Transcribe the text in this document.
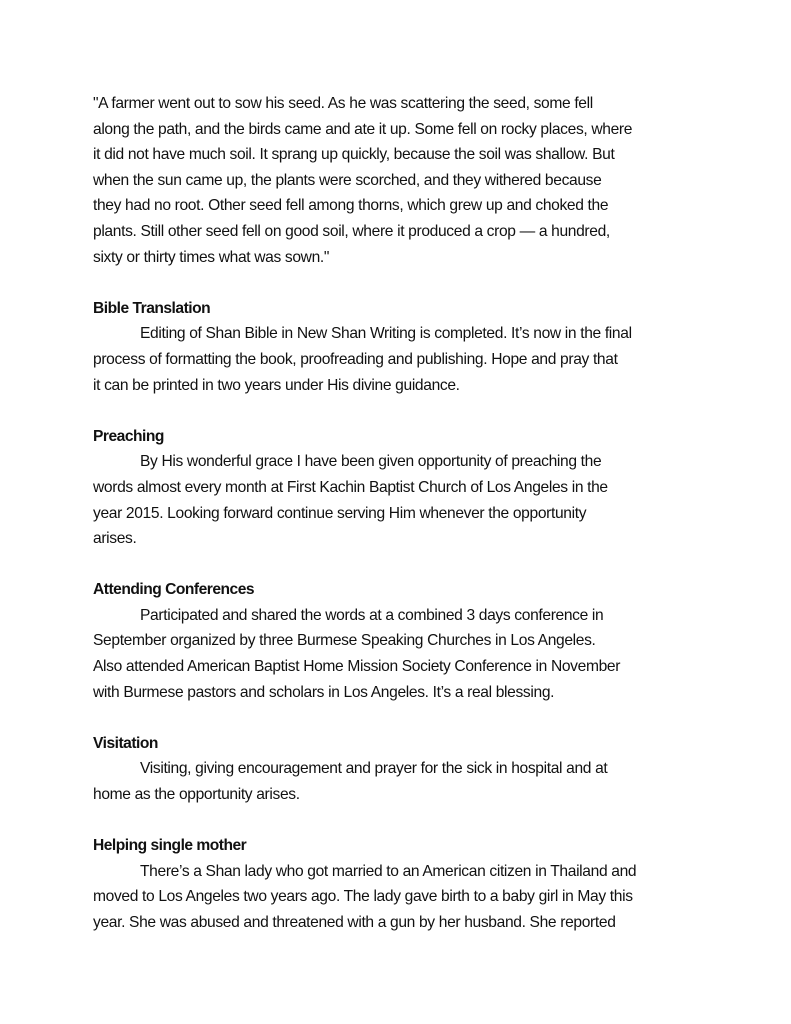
"A farmer went out to sow his seed. As he was scattering the seed, some fell
along the path, and the birds came and ate it up. Some fell on rocky places, where
it did not have much soil. It sprang up quickly, because the soil was shallow. But
when the sun came up, the plants were scorched, and they withered because
they had no root. Other seed fell among thorns, which grew up and choked the
plants. Still other seed fell on good soil, where it produced a crop — a hundred,
sixty or thirty times what was sown."
Bible Translation
Editing of Shan Bible in New Shan Writing is completed. It’s now in the final
process of formatting the book, proofreading and publishing. Hope and pray that
it can be printed in two years under His divine guidance.
Preaching
By His wonderful grace I have been given opportunity of preaching the
words almost every month at First Kachin Baptist Church of Los Angeles in the
year 2015. Looking forward continue serving Him whenever the opportunity
arises.
Attending Conferences
Participated and shared the words at a combined 3 days conference in
September organized by three Burmese Speaking Churches in Los Angeles.
Also attended American Baptist Home Mission Society Conference in November
with Burmese pastors and scholars in Los Angeles. It’s a real blessing.
Visitation
Visiting, giving encouragement and prayer for the sick in hospital and at
home as the opportunity arises.
Helping single mother
There’s a Shan lady who got married to an American citizen in Thailand and
moved to Los Angeles two years ago. The lady gave birth to a baby girl in May this
year. She was abused and threatened with a gun by her husband. She reported
